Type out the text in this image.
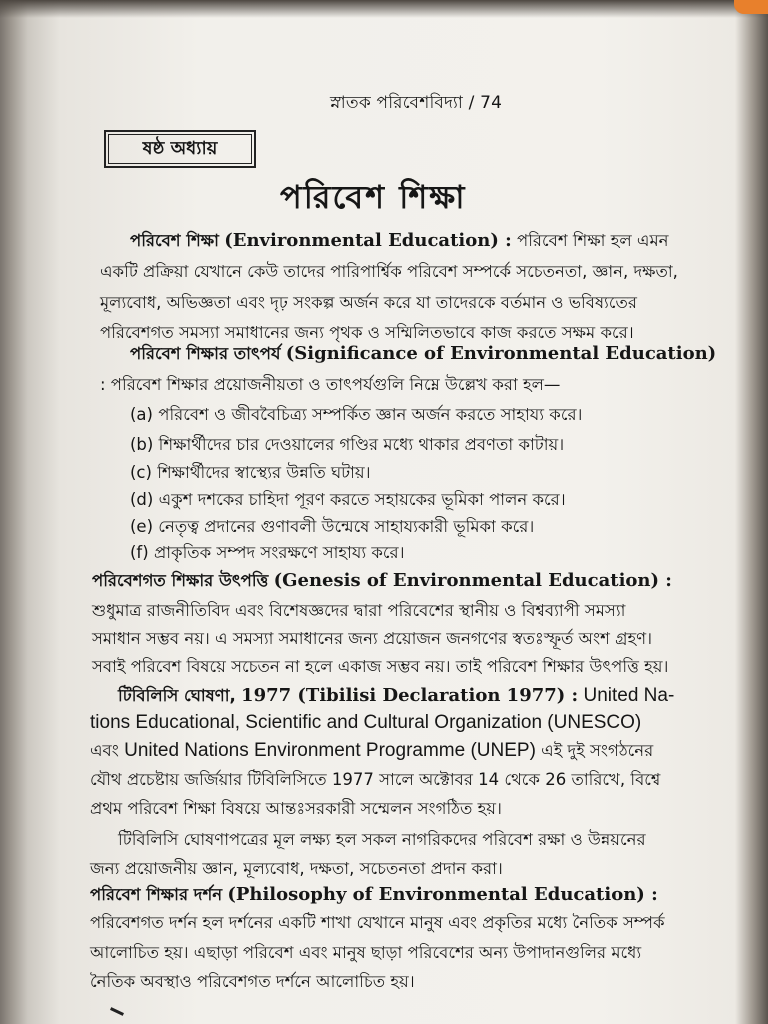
স্নাতক পরিবেশবিদ্যা / 74
ষষ্ঠ অধ্যায়
পরিবেশ শিক্ষা
পরিবেশ শিক্ষা (Environmental Education) : পরিবেশ শিক্ষা হল এমন
একটি প্রক্রিয়া যেখানে কেউ তাদের পারিপার্শ্বিক পরিবেশ সম্পর্কে সচেতনতা, জ্ঞান, দক্ষতা,
মূল্যবোধ, অভিজ্ঞতা এবং দৃঢ় সংকল্প অর্জন করে যা তাদেরকে বর্তমান ও ভবিষ্যতের
পরিবেশগত সমস্যা সমাধানের জন্য পৃথক ও সম্মিলিতভাবে কাজ করতে সক্ষম করে।
পরিবেশ শিক্ষার তাৎপর্য (Significance of Environmental Education)
: পরিবেশ শিক্ষার প্রয়োজনীয়তা ও তাৎপর্যগুলি নিম্নে উল্লেখ করা হল—
(a) পরিবেশ ও জীববৈচিত্র্য সম্পর্কিত জ্ঞান অর্জন করতে সাহায্য করে।
(b) শিক্ষার্থীদের চার দেওয়ালের গণ্ডির মধ্যে থাকার প্রবণতা কাটায়।
(c) শিক্ষার্থীদের স্বাস্থ্যের উন্নতি ঘটায়।
(d) একুশ দশকের চাহিদা পূরণ করতে সহায়কের ভূমিকা পালন করে।
(e) নেতৃত্ব প্রদানের গুণাবলী উন্মেষে সাহায্যকারী ভূমিকা করে।
(f) প্রাকৃতিক সম্পদ সংরক্ষণে সাহায্য করে।
পরিবেশগত শিক্ষার উৎপত্তি (Genesis of Environmental Education) :
শুধুমাত্র রাজনীতিবিদ এবং বিশেষজ্ঞদের দ্বারা পরিবেশের স্থানীয় ও বিশ্বব্যাপী সমস্যা
সমাধান সম্ভব নয়। এ সমস্যা সমাধানের জন্য প্রয়োজন জনগণের স্বতঃস্ফূর্ত অংশ গ্রহণ।
সবাই পরিবেশ বিষয়ে সচেতন না হলে একাজ সম্ভব নয়। তাই পরিবেশ শিক্ষার উৎপত্তি হয়।
টিবিলিসি ঘোষণা, 1977 (Tibilisi Declaration 1977) : United Na-
tions Educational, Scientific and Cultural Organization (UNESCO)
এবং United Nations Environment Programme (UNEP) এই দুই সংগঠনের
যৌথ প্রচেষ্টায় জর্জিয়ার টিবিলিসিতে 1977 সালে অক্টোবর 14 থেকে 26 তারিখে, বিশ্বে
প্রথম পরিবেশ শিক্ষা বিষয়ে আন্তঃসরকারী সম্মেলন সংগঠিত হয়।
টিবিলিসি ঘোষণাপত্রের মূল লক্ষ্য হল সকল নাগরিকদের পরিবেশ রক্ষা ও উন্নয়নের
জন্য প্রয়োজনীয় জ্ঞান, মূল্যবোধ, দক্ষতা, সচেতনতা প্রদান করা।
পরিবেশ শিক্ষার দর্শন (Philosophy of Environmental Education) :
পরিবেশগত দর্শন হল দর্শনের একটি শাখা যেখানে মানুষ এবং প্রকৃতির মধ্যে নৈতিক সম্পর্ক
আলোচিত হয়। এছাড়া পরিবেশ এবং মানুষ ছাড়া পরিবেশের অন্য উপাদানগুলির মধ্যে
নৈতিক অবস্থাও পরিবেশগত দর্শনে আলোচিত হয়।
